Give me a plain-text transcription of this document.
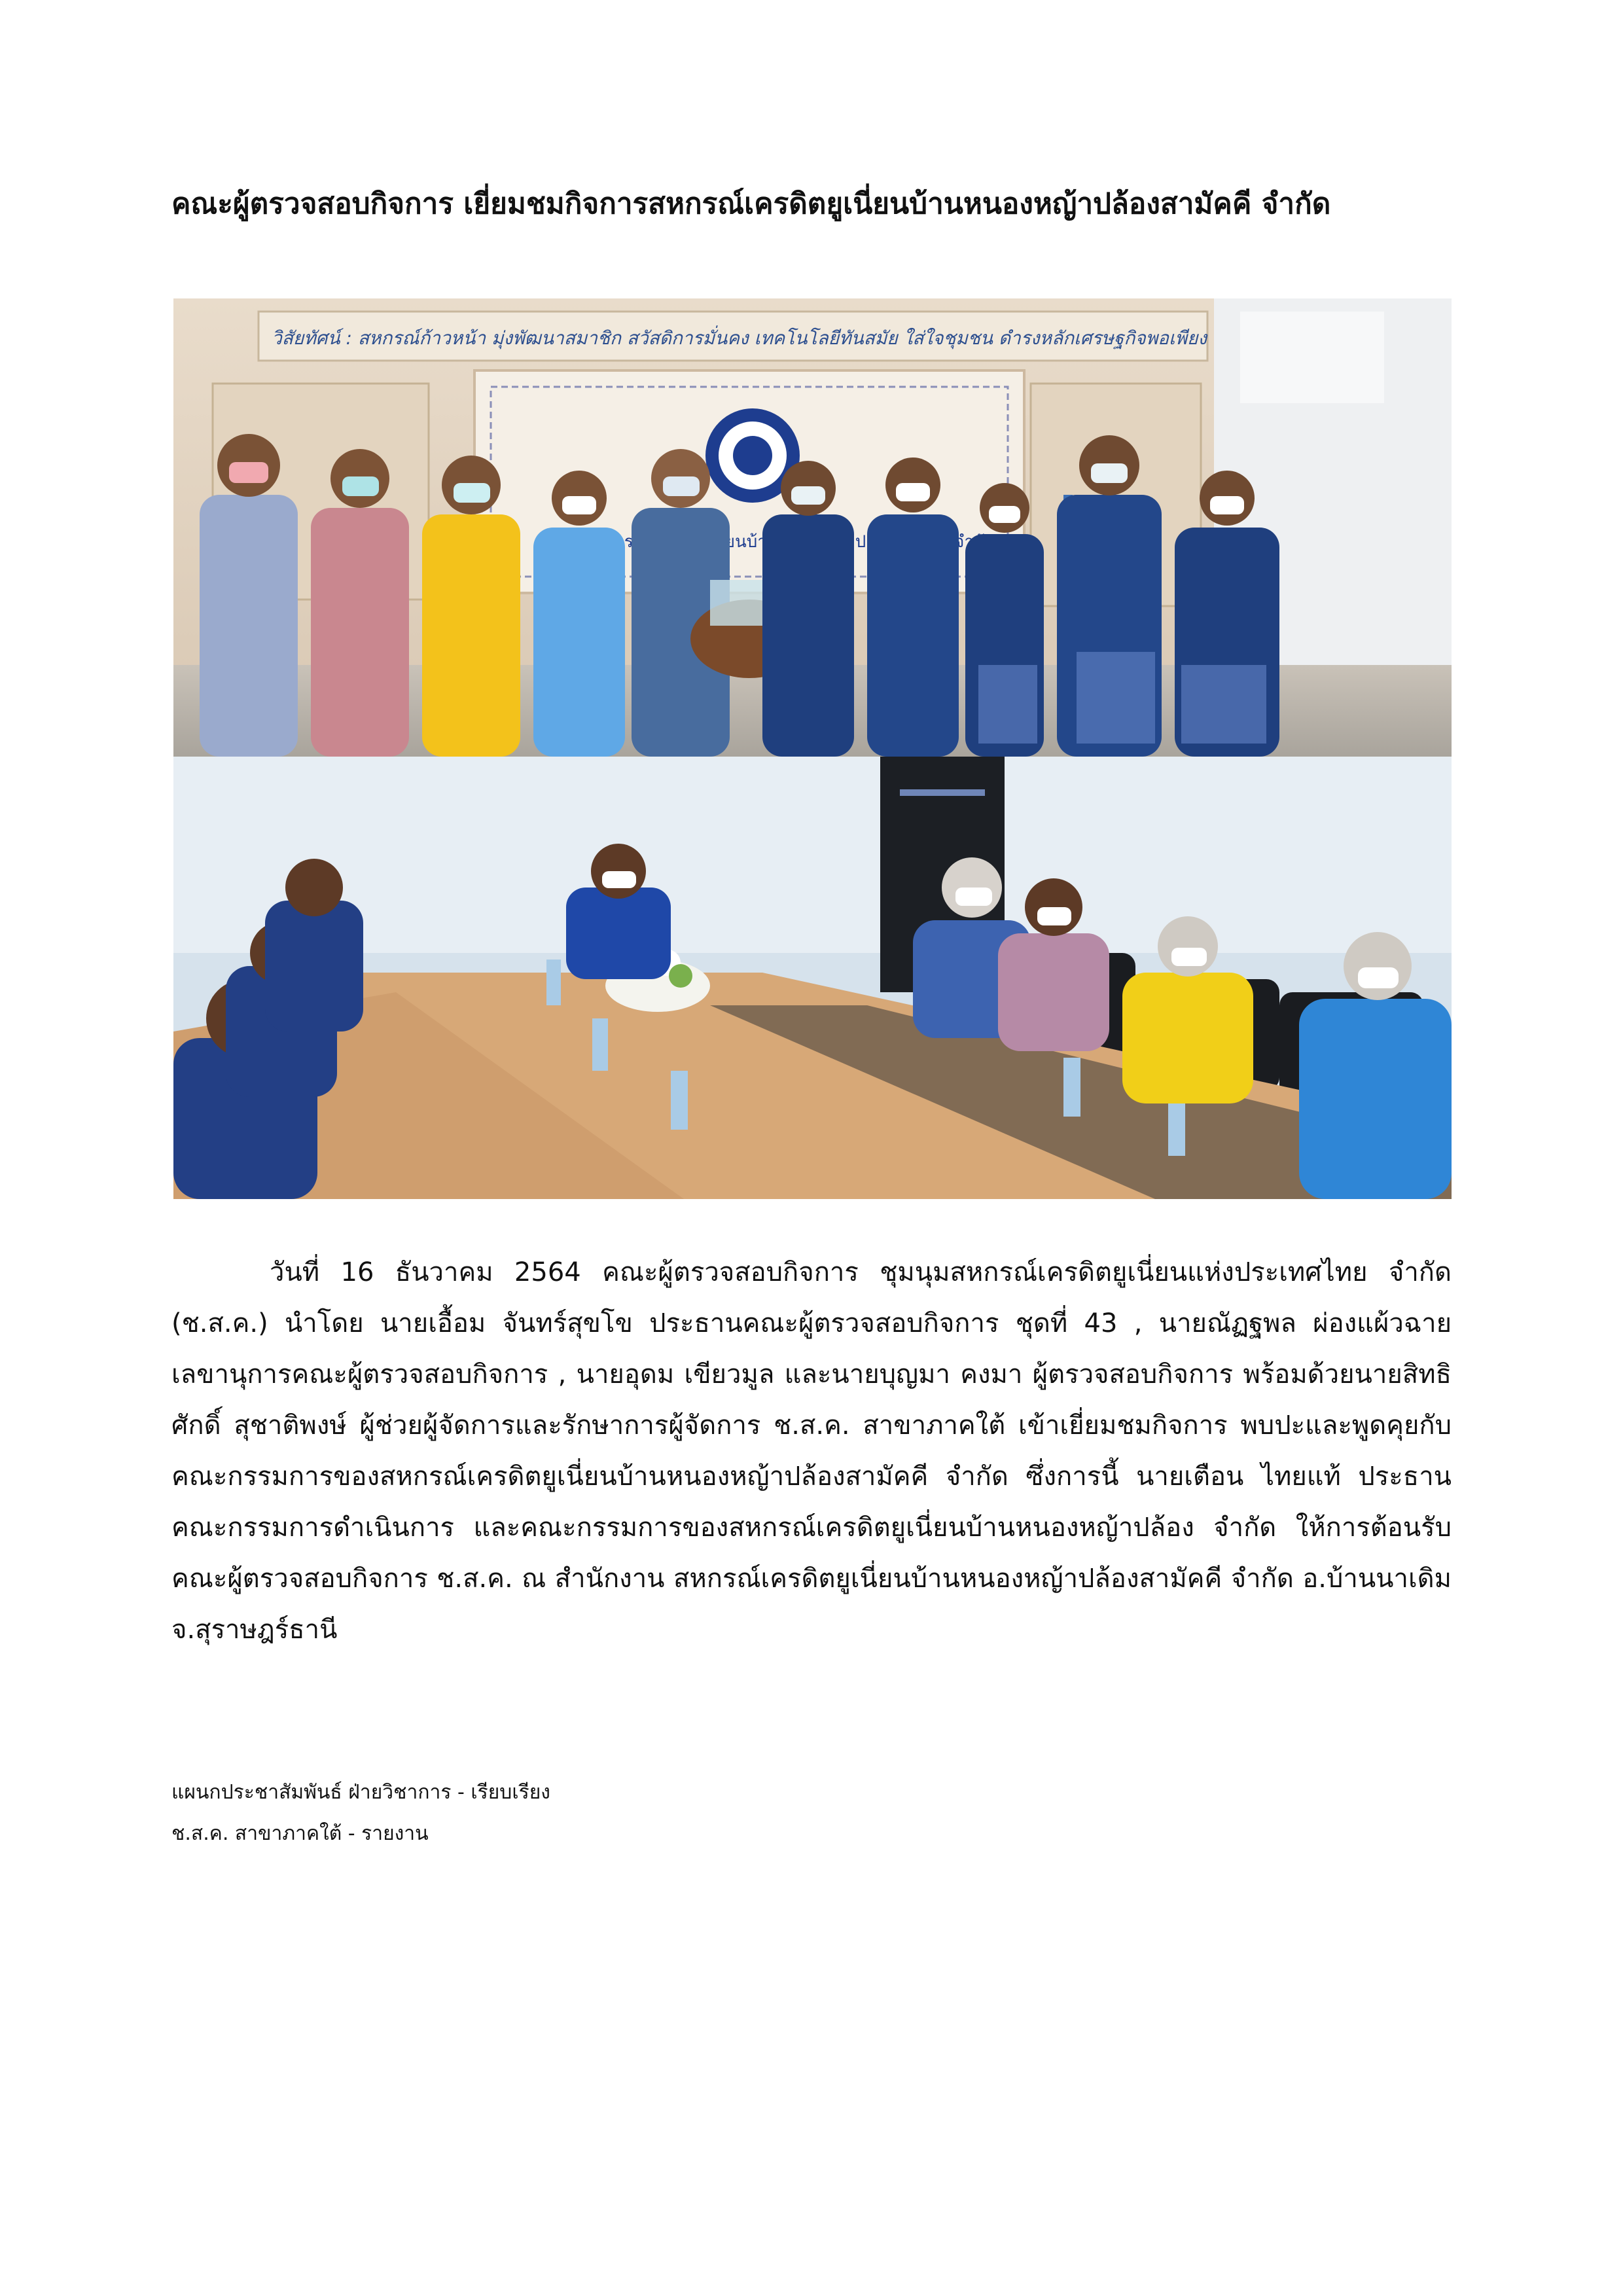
คณะผู้ตรวจสอบกิจการ เยี่ยมชมกิจการสหกรณ์เครดิตยูเนี่ยนบ้านหนองหญ้าปล้องสามัคคี จำกัด
วิสัยทัศน์ : สหกรณ์ก้าวหน้า มุ่งพัฒนาสมาชิก สวัสดิการมั่นคง เทคโนโลยีทันสมัย ใส่ใจชุมชน ดำรงหลักเศรษฐกิจพอเพียง

วันที่ 16 ธันวาคม 2564 คณะผู้ตรวจสอบกิจการ ชุมนุมสหกรณ์เครดิตยูเนี่ยนแห่งประเทศไทย จำกัด (ช.ส.ค.) นำโดย นายเอื้อม จันทร์สุขโข ประธานคณะผู้ตรวจสอบกิจการ ชุดที่ 43 , นายณัฏฐพล ผ่องแผ้วฉาย เลขานุการคณะผู้ตรวจสอบกิจการ , นายอุดม เขียวมูล และนายบุญมา คงมา ผู้ตรวจสอบกิจการ พร้อมด้วยนายสิทธิศักดิ์ สุชาติพงษ์ ผู้ช่วยผู้จัดการและรักษาการผู้จัดการ ช.ส.ค. สาขาภาคใต้ เข้าเยี่ยมชมกิจการ พบปะและพูดคุยกับคณะกรรมการของสหกรณ์เครดิตยูเนี่ยนบ้านหนองหญ้าปล้องสามัคคี จำกัด ซึ่งการนี้ นายเตือน ไทยแท้ ประธานคณะกรรมการดำเนินการ และคณะกรรมการของสหกรณ์เครดิตยูเนี่ยนบ้านหนองหญ้าปล้อง จำกัด ให้การต้อนรับคณะผู้ตรวจสอบกิจการ ช.ส.ค. ณ สำนักงาน สหกรณ์เครดิตยูเนี่ยนบ้านหนองหญ้าปล้องสามัคคี จำกัด อ.บ้านนาเดิม จ.สุราษฎร์ธานี

แผนกประชาสัมพันธ์ ฝ่ายวิชาการ - เรียบเรียง
ช.ส.ค. สาขาภาคใต้ - รายงาน
